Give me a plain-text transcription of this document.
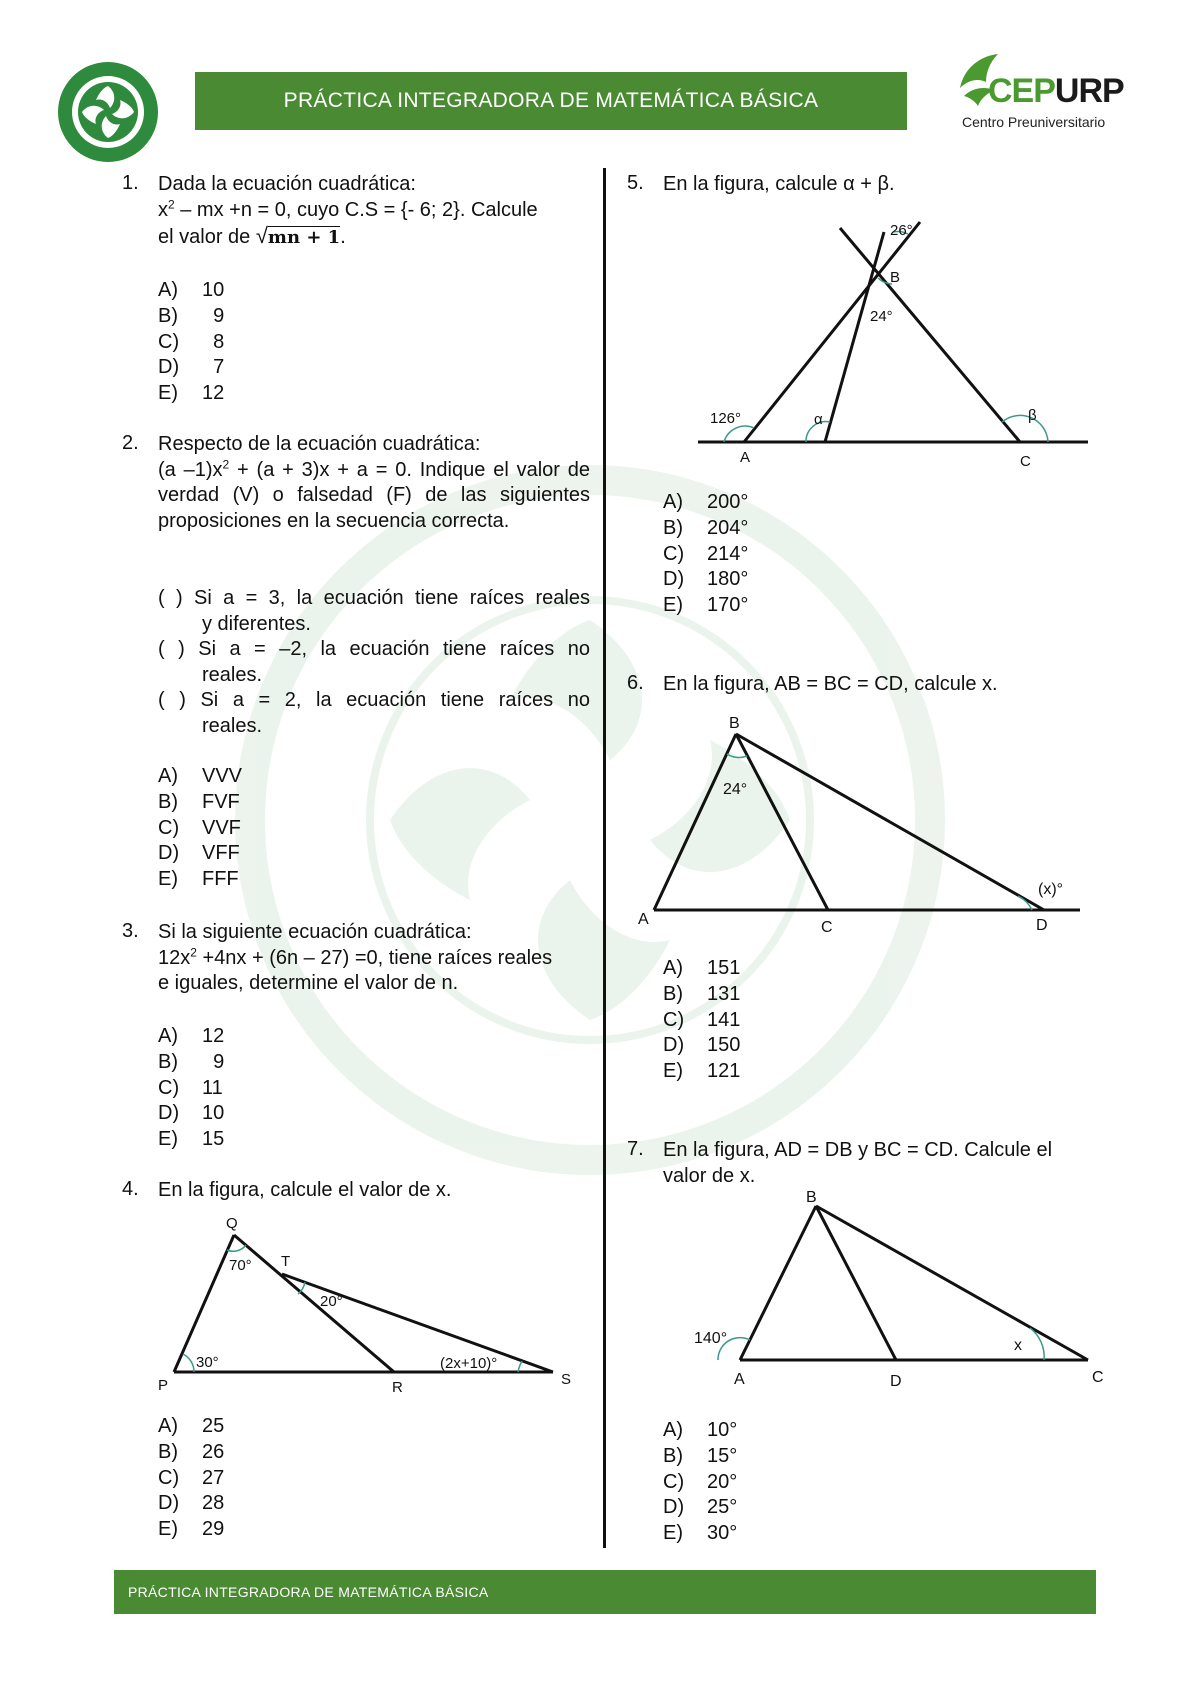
PRÁCTICA INTEGRADORA DE MATEMÁTICA BÁSICA	CEPURP
Centro Preuniversitario
1. Dada la ecuación cuadrática:
$x^2$ – mx +n = 0, cuyo C.S = {- 6; 2}. Calcule
el valor de √mn + 1.
A)	10
B)	9
C)	8
D)	7
E)	12
2. Respecto de la ecuación cuadrática:
(a $-1)x^2 + (a + 3)x + a = 0$. Indique el valor de verdad (V) o falsedad (F) de las siguientes proposiciones en la secuencia correcta.
( ) Si a = 3, la ecuación tiene raíces reales
y diferentes.
( ) Si a = –2, la ecuación tiene raíces no
reales.
( ) Si a = 2, la ecuación tiene raíces no
reales.
A)	VVV
B)	FVF
C)	VVF
D)	VFF
E)	FFF
3. Si la siguiente ecuación cuadrática:
$12x^2 +4nx + (6n - 27) =0$, tiene raíces reales
e iguales, determine el valor de n.
A)	12
B)	9
C)	11
D)	10
E)	15
4. En la figura, calcule el valor de x.
Q
T
P	R	S
70°
20°
30°	(2x+10)°
A)	25
B)	26
C)	27
D)	28
E)	29
5. En la figura, calcule α + β.
26°
B
24°
126°	α	β
A	C
A)	200°
B)	204°
C)	214°
D)	180°
E)	170°
6. En la figura, AB = BC = CD, calcule x.
B
24°
A	C	D
(x)°
A)	151
B)	131
C)	141
D)	150
E)	121
7. En la figura, AD = DB y BC = CD. Calcule el
valor de x.
B
140°	x
A	D	C
A)	10°
B)	15°
C)	20°
D)	25°
E)	30°
PRÁCTICA INTEGRADORA DE MATEMÁTICA BÁSICA
